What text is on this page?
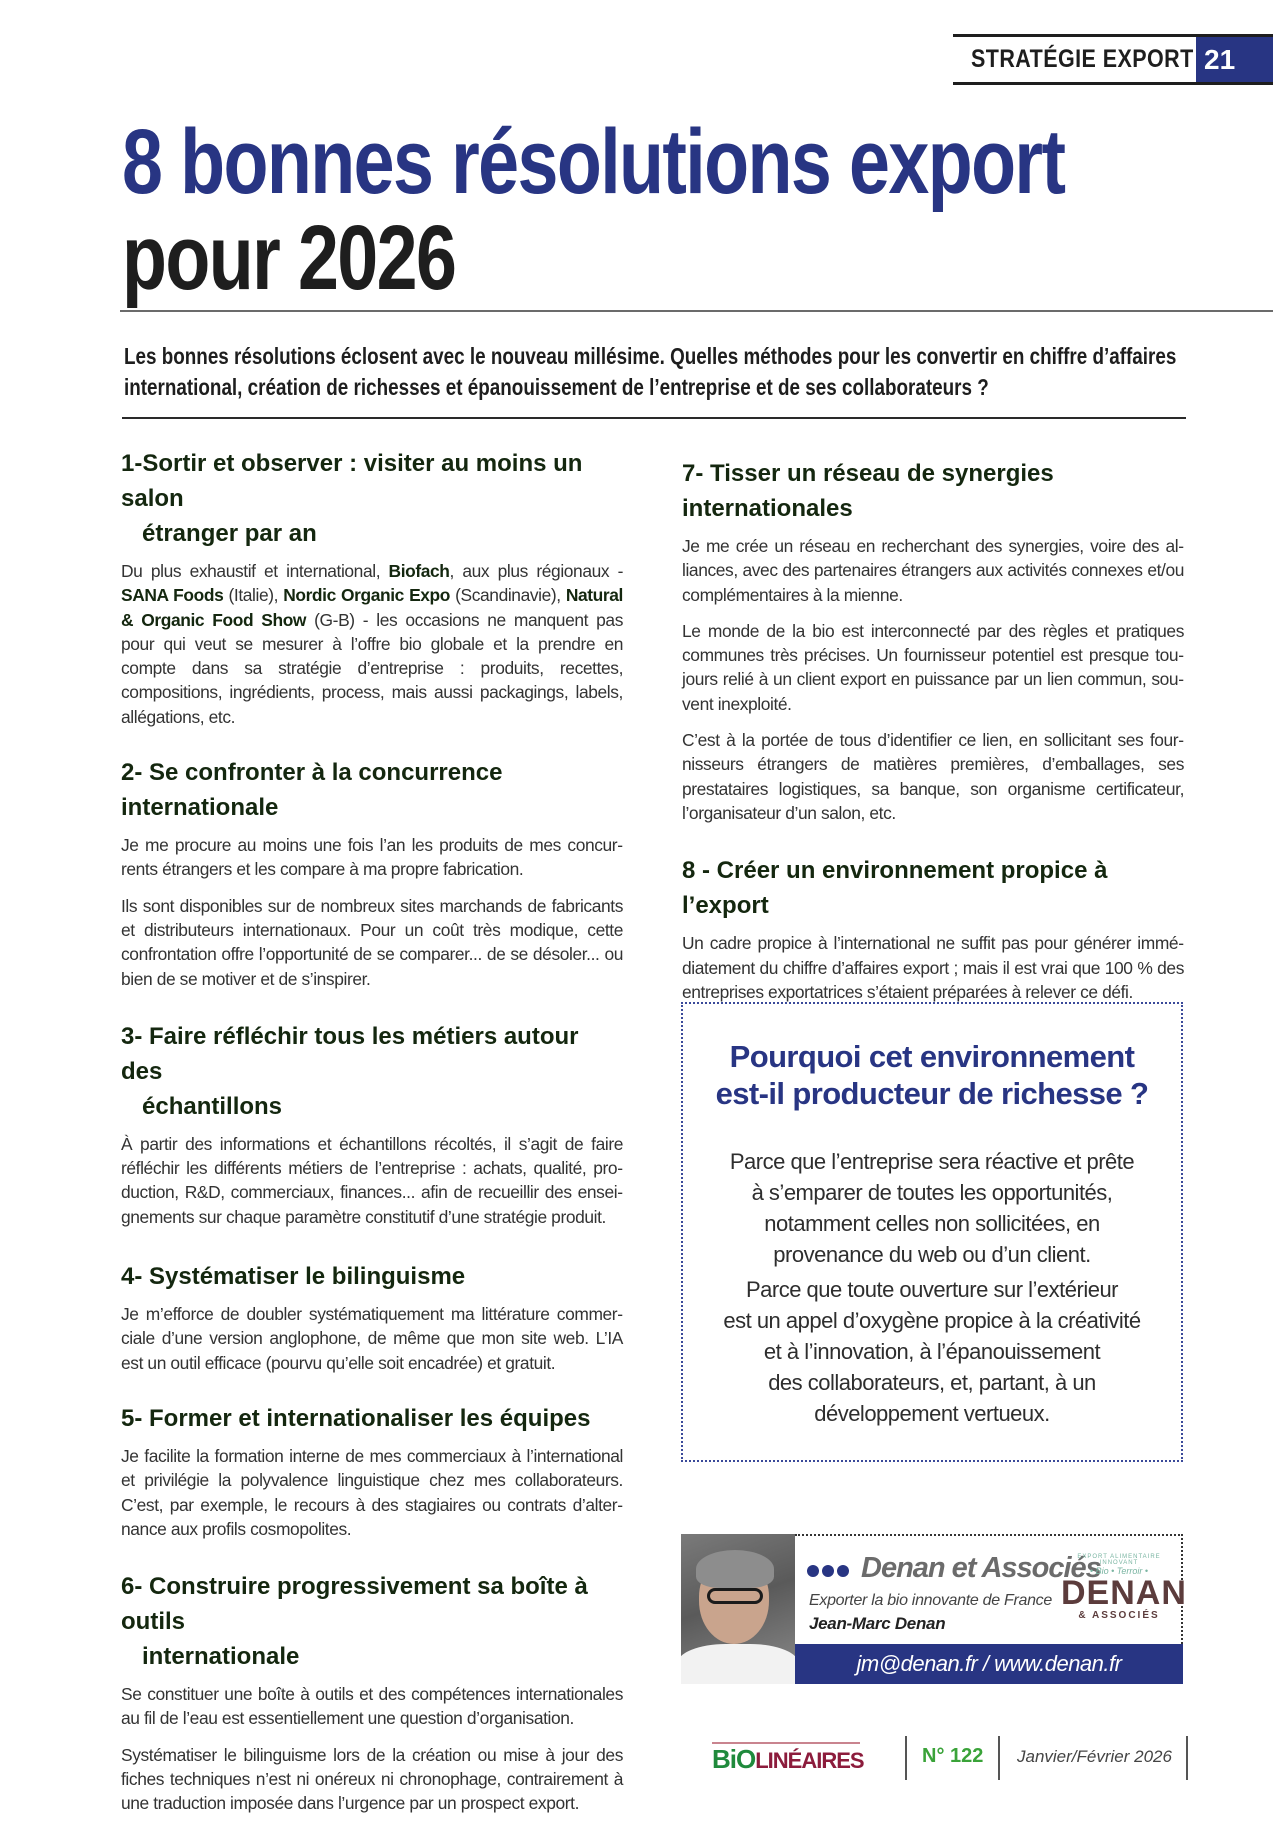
STRATÉGIE EXPORT 21
8 bonnes résolutions export
pour 2026
Les bonnes résolutions éclosent avec le nouveau millésime. Quelles méthodes pour les convertir en chiffre d’affaires
international, création de richesses et épanouissement de l’entreprise et de ses collaborateurs ?
1-Sortir et observer : visiter au moins un salon
étranger par an

Du plus exhaustif et international, Biofach, aux plus régionaux - SANA Foods (Italie), Nordic Organic Expo (Scandinavie), Natural & Organic Food Show (G-B) - les occasions ne manquent pas pour qui veut se mesurer à l’offre bio globale et la prendre en compte dans sa stratégie d’entreprise : produits, recettes, compositions, ingrédients, process, mais aussi packagings, labels, allégations, etc.

2- Se confronter à la concurrence internationale

Je me procure au moins une fois l’an les produits de mes concurrents étrangers et les compare à ma propre fabrication.

Ils sont disponibles sur de nombreux sites marchands de fabricants et distributeurs internationaux. Pour un coût très modique, cette confrontation offre l’opportunité de se comparer... de se désoler... ou bien de se motiver et de s’inspirer.

3- Faire réfléchir tous les métiers autour des
échantillons

À partir des informations et échantillons récoltés, il s’agit de faire réfléchir les différents métiers de l’entreprise : achats, qualité, production, R&D, commerciaux, finances... afin de recueillir des enseignements sur chaque paramètre constitutif d’une stratégie produit.

4- Systématiser le bilinguisme

Je m’efforce de doubler systématiquement ma littérature commerciale d’une version anglophone, de même que mon site web. L’IA est un outil efficace (pourvu qu’elle soit encadrée) et gratuit.

5- Former et internationaliser les équipes

Je facilite la formation interne de mes commerciaux à l’international et privilégie la polyvalence linguistique chez mes collaborateurs. C’est, par exemple, le recours à des stagiaires ou contrats d’alternance aux profils cosmopolites.

6- Construire progressivement sa boîte à outils
internationale

Se constituer une boîte à outils et des compétences internationales au fil de l’eau est essentiellement une question d’organisation.

Systématiser le bilinguisme lors de la création ou mise à jour des fiches techniques n’est ni onéreux ni chronophage, contrairement à une traduction imposée dans l’urgence par un prospect export.

7- Tisser un réseau de synergies internationales

Je me crée un réseau en recherchant des synergies, voire des alliances, avec des partenaires étrangers aux activités connexes et/ou complémentaires à la mienne.

Le monde de la bio est interconnecté par des règles et pratiques communes très précises. Un fournisseur potentiel est presque toujours relié à un client export en puissance par un lien commun, souvent inexploité.

C’est à la portée de tous d’identifier ce lien, en sollicitant ses fournisseurs étrangers de matières premières, d’emballages, ses prestataires logistiques, sa banque, son organisme certificateur, l’organisateur d’un salon, etc.

8 - Créer un environnement propice à l’export

Un cadre propice à l’international ne suffit pas pour générer immédiatement du chiffre d’affaires export ; mais il est vrai que 100 % des entreprises exportatrices s’étaient préparées à relever ce défi.

Pourquoi cet environnement
est-il producteur de richesse ?
Parce que l’entreprise sera réactive et prête
à s’emparer de toutes les opportunités,
notamment celles non sollicitées, en
provenance du web ou d’un client.
Parce que toute ouverture sur l’extérieur
est un appel d’oxygène propice à la créativité
et à l’innovation, à l’épanouissement
des collaborateurs, et, partant, à un
développement vertueux.
Denan et Associés
Exporter la bio innovante de France
Jean-Marc Denan
EXPORT ALIMENTAIRE INNOVANT
• Bio • Terroir •
DENAN
& ASSOCIÉS
jm@denan.fr / www.denan.fr
BiOLINÉAIRES	N° 122 Janvier/Février 2026
